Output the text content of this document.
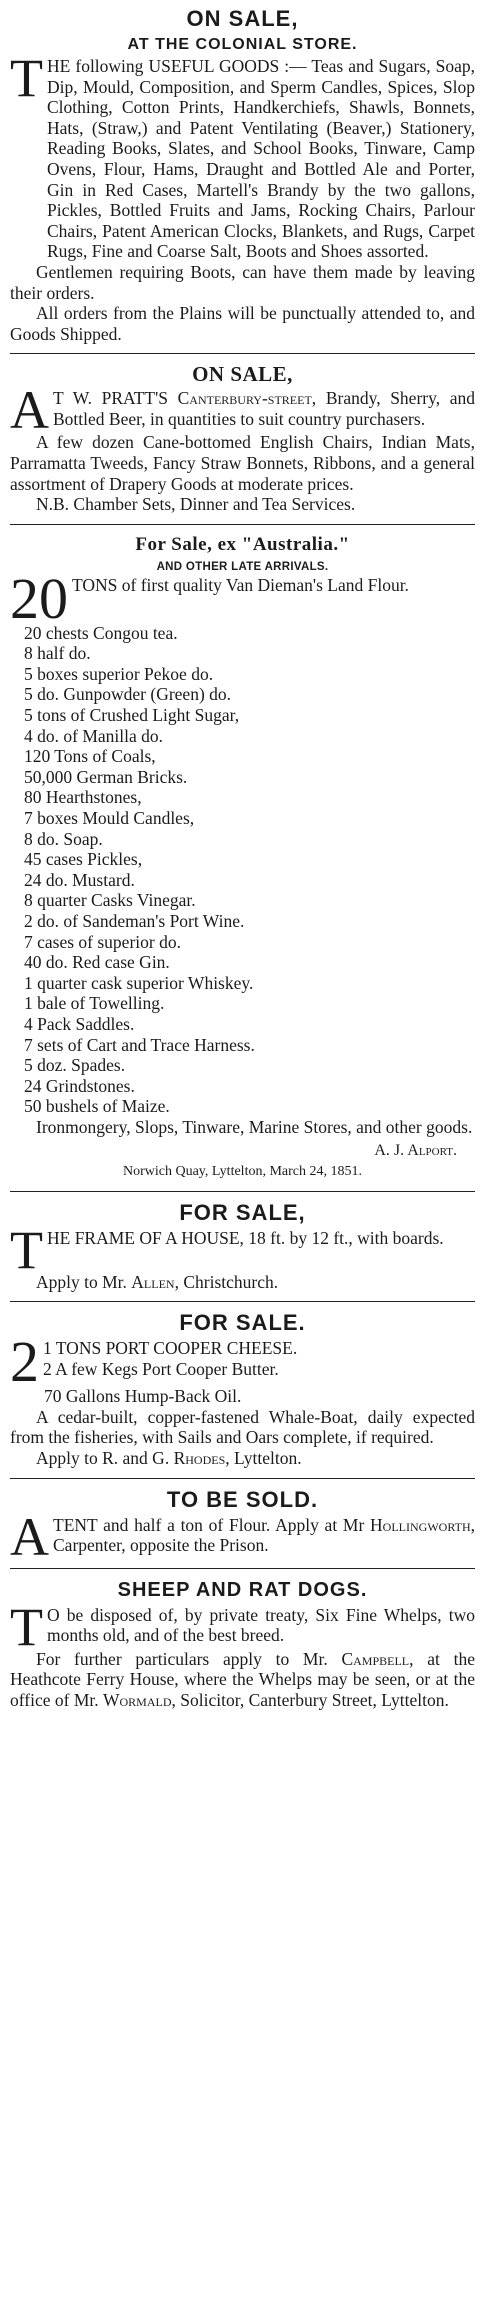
ON SALE,
AT THE COLONIAL STORE.
T HE following USEFUL GOODS :— Teas and Sugars, Soap, Dip, Mould, Composition, and Sperm Candles, Spices, Slop Clothing, Cotton Prints, Handkerchiefs, Shawls, Bonnets, Hats, (Straw,) and Patent Ventilating (Beaver,) Stationery, Reading Books, Slates, and School Books, Tinware, Camp Ovens, Flour, Hams, Draught and Bottled Ale and Porter, Gin in Red Cases, Martell's Brandy by the two gallons, Pickles, Bottled Fruits and Jams, Rocking Chairs, Parlour Chairs, Patent American Clocks, Blankets, and Rugs, Carpet Rugs, Fine and Coarse Salt, Boots and Shoes assorted.

Gentlemen requiring Boots, can have them made by leaving their orders.

All orders from the Plains will be punctually attended to, and Goods Shipped.

ON SALE,
A T W. PRATT'S Canterbury-street, Brandy, Sherry, and Bottled Beer, in quantities to suit country purchasers.

A few dozen Cane-bottomed English Chairs, Indian Mats, Parramatta Tweeds, Fancy Straw Bonnets, Ribbons, and a general assortment of Drapery Goods at moderate prices.

N.B. Chamber Sets, Dinner and Tea Services.

For Sale, ex "Australia."
AND OTHER LATE ARRIVALS.
20 TONS of first quality Van Dieman's Land Flour.

20 chests Congou tea.
8 half do.
5 boxes superior Pekoe do.
5 do. Gunpowder (Green) do.
5 tons of Crushed Light Sugar,
4 do. of Manilla do.
120 Tons of Coals,
50,000 German Bricks.
80 Hearthstones,
7 boxes Mould Candles,
8 do. Soap.
45 cases Pickles,
24 do. Mustard.
8 quarter Casks Vinegar.
2 do. of Sandeman's Port Wine.
7 cases of superior do.
40 do. Red case Gin.
1 quarter cask superior Whiskey.
1 bale of Towelling.
4 Pack Saddles.
7 sets of Cart and Trace Harness.
5 doz. Spades.
24 Grindstones.
50 bushels of Maize.

Ironmongery, Slops, Tinware, Marine Stores, and other goods.

A. J. Alport.
Norwich Quay, Lyttelton, March 24, 1851.
FOR SALE,
T HE FRAME OF A HOUSE, 18 ft. by 12 ft., with boards.

Apply to Mr. Allen, Christchurch.

FOR SALE.
2 1 TONS PORT COOPER CHEESE.

2 A few Kegs Port Cooper Butter.

70 Gallons Hump-Back Oil.

A cedar-built, copper-fastened Whale-Boat, daily expected from the fisheries, with Sails and Oars complete, if required.

Apply to R. and G. Rhodes, Lyttelton.

TO BE SOLD.
A TENT and half a ton of Flour. Apply at Mr Hollingworth, Carpenter, opposite the Prison.

SHEEP AND RAT DOGS.
T O be disposed of, by private treaty, Six Fine Whelps, two months old, and of the best breed.

For further particulars apply to Mr. Campbell, at the Heathcote Ferry House, where the Whelps may be seen, or at the office of Mr. Wormald, Solicitor, Canterbury Street, Lyttelton.
